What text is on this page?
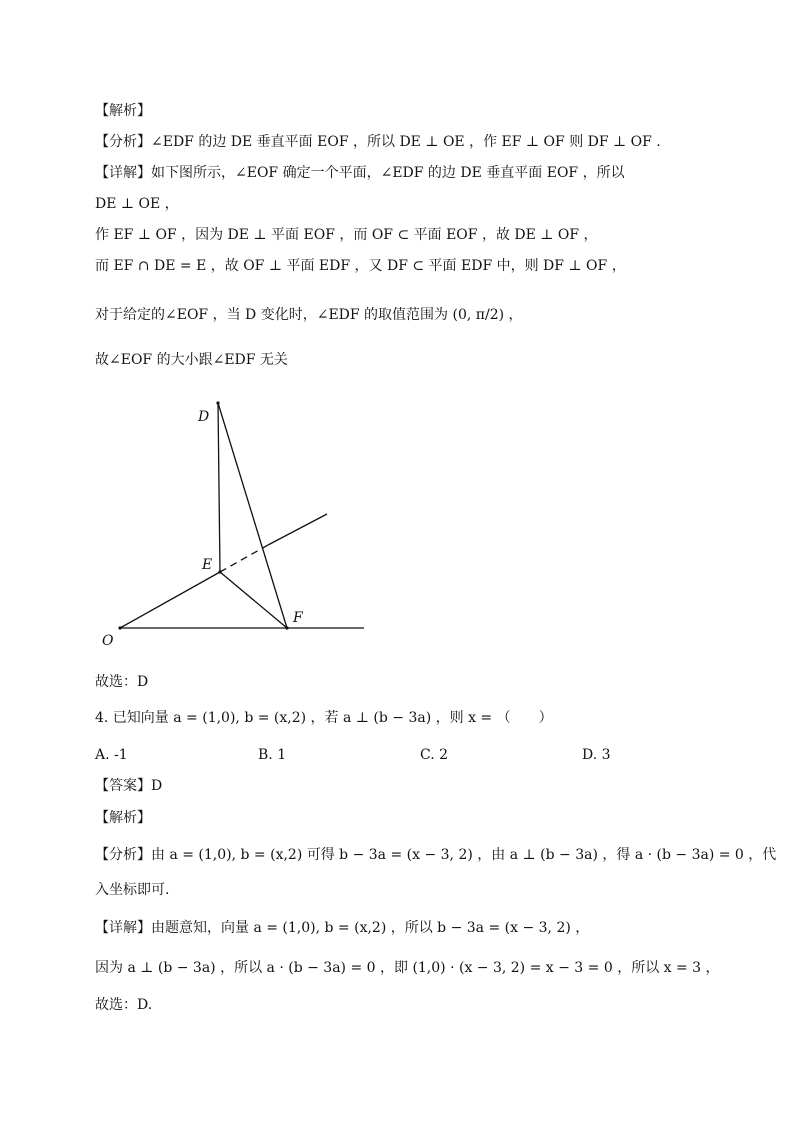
【解析】
【分析】∠EDF 的边 DE 垂直平面 EOF ，所以 DE ⊥ OE ，作 EF ⊥ OF 则 DF ⊥ OF .
【详解】如下图所示，∠EOF 确定一个平面，∠EDF 的边 DE 垂直平面 EOF ，所以
DE ⊥ OE ，
作 EF ⊥ OF ，因为 DE ⊥ 平面 EOF ，而 OF ⊂ 平面 EOF ，故 DE ⊥ OF ，
而 EF ∩ DE = E ，故 OF ⊥ 平面 EDF ，又 DF ⊂ 平面 EDF 中，则 DF ⊥ OF ，
对于给定的∠EOF ，当 D 变化时，∠EDF 的取值范围为 (0, π/2) ，
故∠EOF 的大小跟∠EDF 无关
D
E
F
O
故选：D
4. 已知向量 a = (1,0), b = (x,2) ，若 a ⊥ (b − 3a) ，则 x = （　　）
A. -1	B. 1	C. 2	D. 3
【答案】D
【解析】
【分析】由 a = (1,0), b = (x,2) 可得 b − 3a = (x − 3, 2) ，由 a ⊥ (b − 3a) ，得 a · (b − 3a) = 0 ，代
入坐标即可.
【详解】由题意知，向量 a = (1,0), b = (x,2) ，所以 b − 3a = (x − 3, 2) ，
因为 a ⊥ (b − 3a) ，所以 a · (b − 3a) = 0 ，即 (1,0) · (x − 3, 2) = x − 3 = 0 ，所以 x = 3 ，
故选：D.
